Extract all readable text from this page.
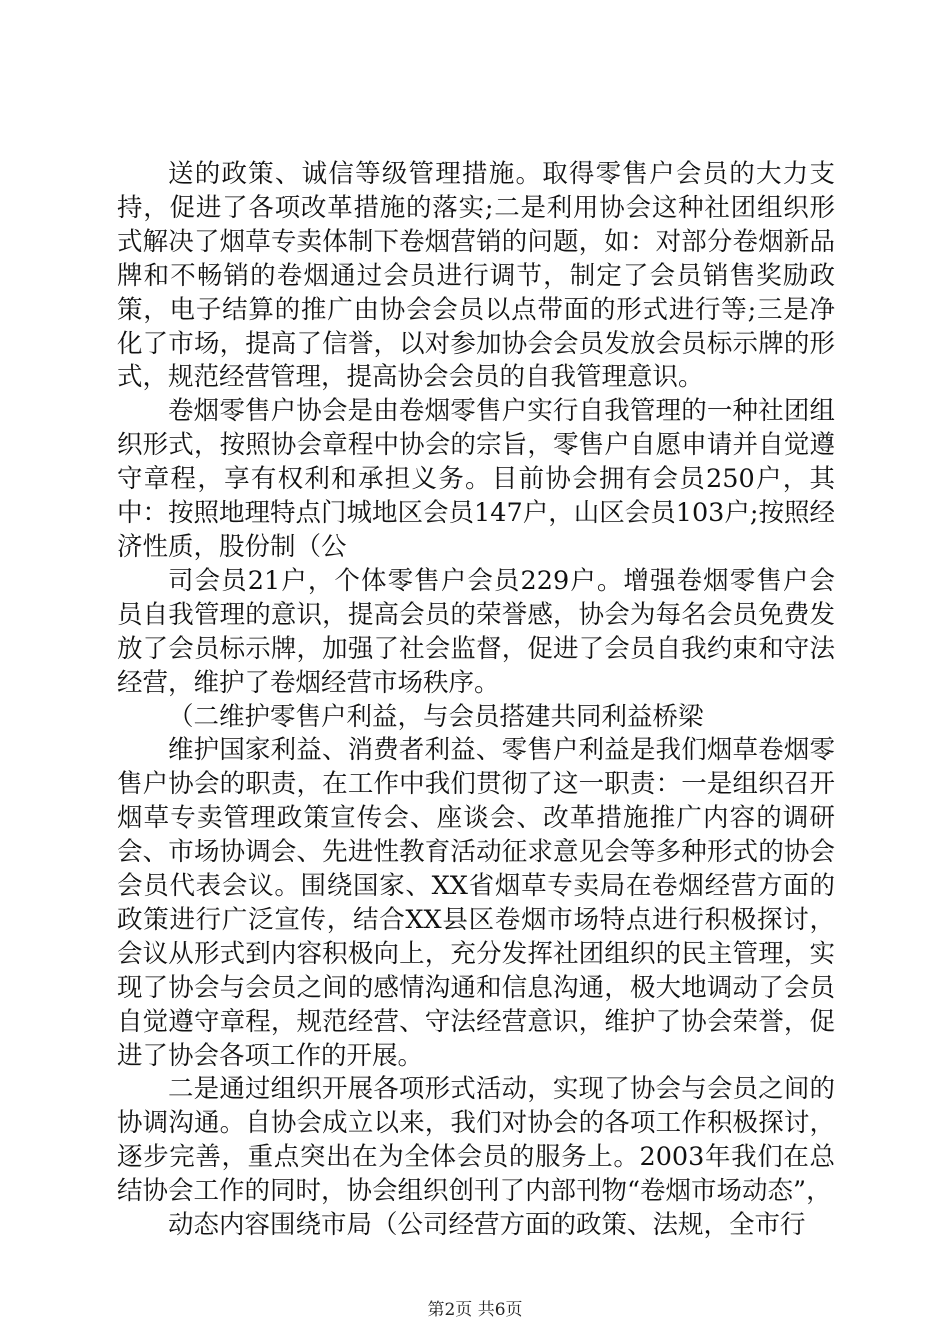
送的政策、诚信等级管理措施。取得零售户会员的大力支持，促进了各项改革措施的落实;二是利用协会这种社团组织形式解决了烟草专卖体制下卷烟营销的问题，如：对部分卷烟新品牌和不畅销的卷烟通过会员进行调节，制定了会员销售奖励政策，电子结算的推广由协会会员以点带面的形式进行等;三是净化了市场，提高了信誉，以对参加协会会员发放会员标示牌的形式，规范经营管理，提高协会会员的自我管理意识。

卷烟零售户协会是由卷烟零售户实行自我管理的一种社团组织形式，按照协会章程中协会的宗旨，零售户自愿申请并自觉遵守章程，享有权利和承担义务。目前协会拥有会员250户，其中：按照地理特点门城地区会员147户，山区会员103户;按照经济性质，股份制（公

司会员21户，个体零售户会员229户。增强卷烟零售户会员自我管理的意识，提高会员的荣誉感，协会为每名会员免费发放了会员标示牌，加强了社会监督，促进了会员自我约束和守法经营，维护了卷烟经营市场秩序。

（二维护零售户利益，与会员搭建共同利益桥梁

维护国家利益、消费者利益、零售户利益是我们烟草卷烟零售户协会的职责，在工作中我们贯彻了这一职责：一是组织召开烟草专卖管理政策宣传会、座谈会、改革措施推广内容的调研会、市场协调会、先进性教育活动征求意见会等多种形式的协会会员代表会议。围绕国家、XX省烟草专卖局在卷烟经营方面的政策进行广泛宣传，结合XX县区卷烟市场特点进行积极探讨，会议从形式到内容积极向上，充分发挥社团组织的民主管理，实现了协会与会员之间的感情沟通和信息沟通，极大地调动了会员自觉遵守章程，规范经营、守法经营意识，维护了协会荣誉，促进了协会各项工作的开展。

二是通过组织开展各项形式活动，实现了协会与会员之间的协调沟通。自协会成立以来，我们对协会的各项工作积极探讨，逐步完善，重点突出在为全体会员的服务上。2003年我们在总结协会工作的同时，协会组织创刊了内部刊物“卷烟市场动态”，

动态内容围绕市局（公司经营方面的政策、法规，全市行

第2页 共6页
